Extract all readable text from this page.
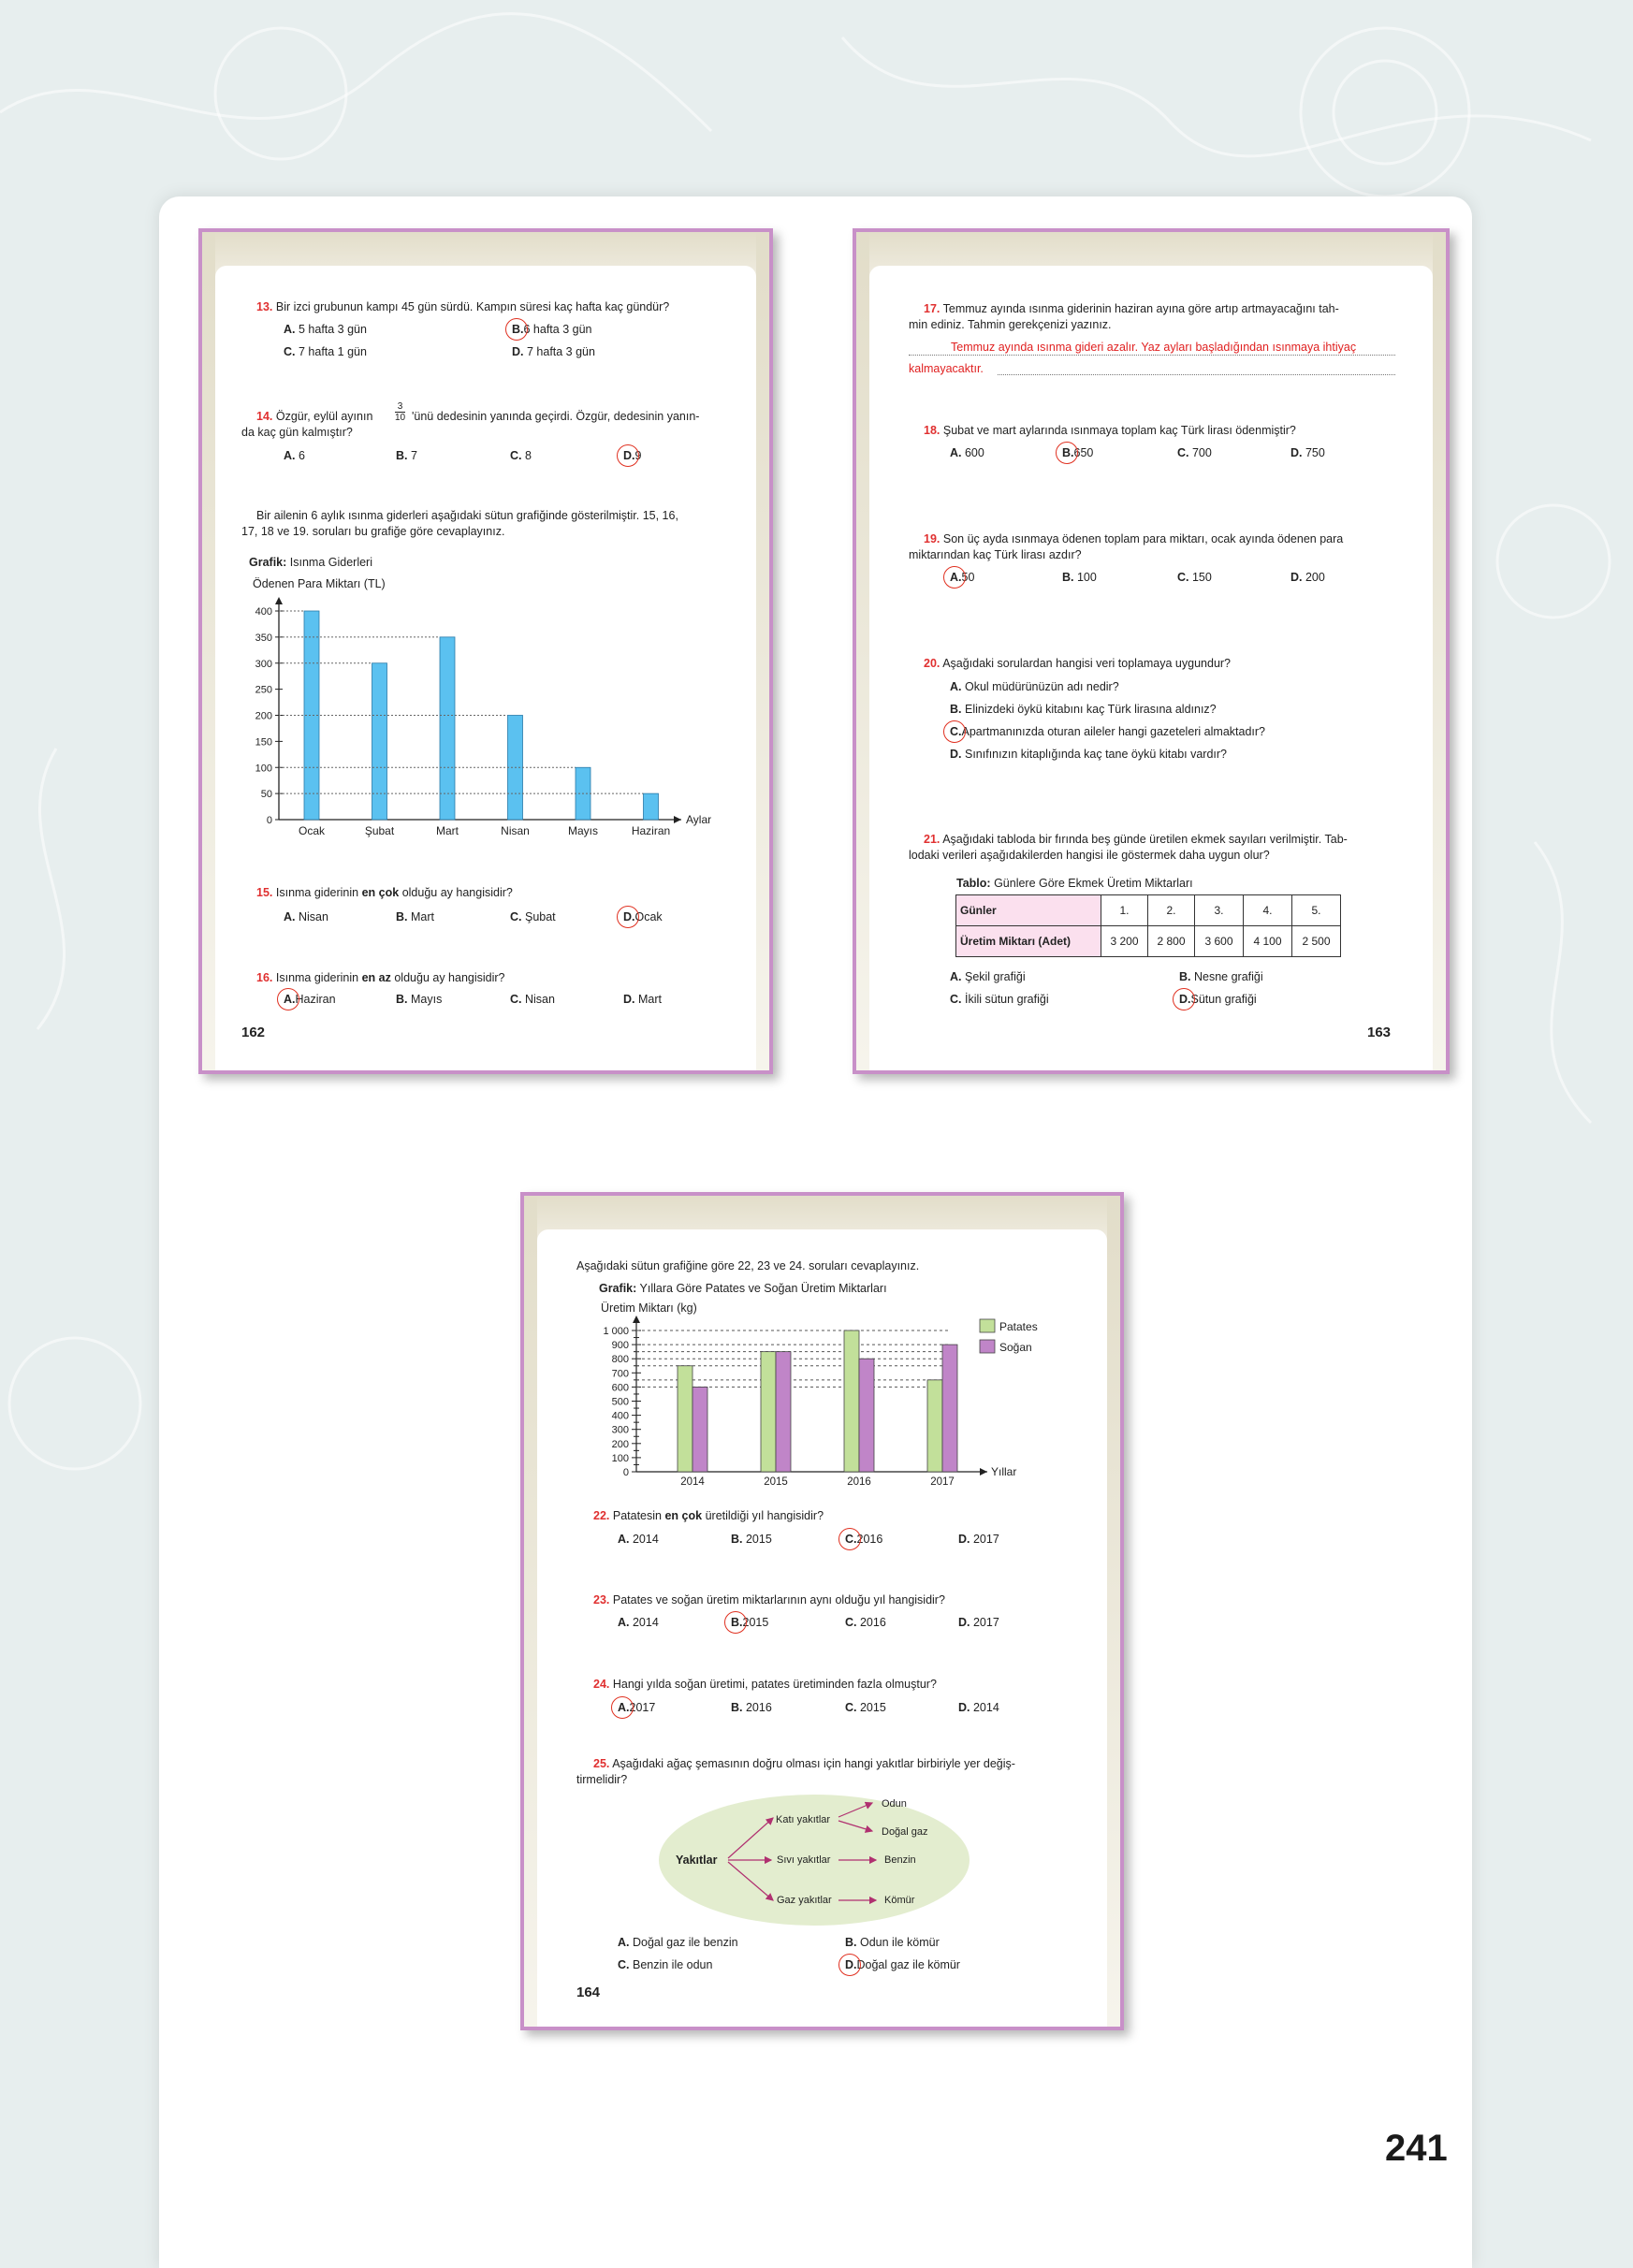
13. Bir izci grubunun kampı 45 gün sürdü. Kampın süresi kaç hafta kaç gündür?
A. 5 hafta 3 gün	B.6 hafta 3 gün
C. 7 hafta 1 gün	D. 7 hafta 3 gün
14. Özgür, eylül ayının
3
10 'ünü dedesinin yanında geçirdi. Özgür, dedesinin yanın-
da kaç gün kalmıştır?
A. 6	B. 7	C. 8	D.9
Bir ailenin 6 aylık ısınma giderleri aşağıdaki sütun grafiğinde gösterilmiştir. 15, 16,
17, 18 ve 19. soruları bu grafiğe göre cevaplayınız.
Grafik: Isınma Giderleri
Ödenen Para Miktarı (TL)
Aylar
0
50
100
150
200
250
300
350
400
Ocak	Şubat	Mart	Nisan	Mayıs	Haziran
15. Isınma giderinin en çok olduğu ay hangisidir?
A. Nisan	B. Mart	C. Şubat	D.Ocak
16. Isınma giderinin en az olduğu ay hangisidir?
A.Haziran	B. Mayıs	C. Nisan	D. Mart
162
17. Temmuz ayında ısınma giderinin haziran ayına göre artıp artmayacağını tah-
min ediniz. Tahmin gerekçenizi yazınız.
Temmuz ayında ısınma gideri azalır. Yaz ayları başladığından ısınmaya ihtiyaç
kalmayacaktır.
18. Şubat ve mart aylarında ısınmaya toplam kaç Türk lirası ödenmiştir?
A. 600	B.650	C. 700	D. 750
19. Son üç ayda ısınmaya ödenen toplam para miktarı, ocak ayında ödenen para
miktarından kaç Türk lirası azdır?
A.50	B. 100	C. 150	D. 200
20. Aşağıdaki sorulardan hangisi veri toplamaya uygundur?
A. Okul müdürünüzün adı nedir?
B. Elinizdeki öykü kitabını kaç Türk lirasına aldınız?
C.Apartmanınızda oturan aileler hangi gazeteleri almaktadır?
D. Sınıfınızın kitaplığında kaç tane öykü kitabı vardır?
21. Aşağıdaki tabloda bir fırında beş günde üretilen ekmek sayıları verilmiştir. Tab-
lodaki verileri aşağıdakilerden hangisi ile göstermek daha uygun olur?
Tablo: Günlere Göre Ekmek Üretim Miktarları
Günler	1.	2.	3.	4.	5.
Üretim Miktarı (Adet)	3 200	2 800	3 600	4 100	2 500
A. Şekil grafiği	B. Nesne grafiği
C. İkili sütun grafiği	D.Sütun grafiği
163
Aşağıdaki sütun grafiğine göre 22, 23 ve 24. soruları cevaplayınız.
Grafik: Yıllara Göre Patates ve Soğan Üretim Miktarları
Üretim Miktarı (kg)
Yıllar
0
100
200
300
400
500
600
700
800
900
1 000
2014	2015	2016	2017
Patates
Soğan
22. Patatesin en çok üretildiği yıl hangisidir?
A. 2014	B. 2015	C.2016	D. 2017
23. Patates ve soğan üretim miktarlarının aynı olduğu yıl hangisidir?
A. 2014	B.2015	C. 2016	D. 2017
24. Hangi yılda soğan üretimi, patates üretiminden fazla olmuştur?
A.2017	B. 2016	C. 2015	D. 2014
25. Aşağıdaki ağaç şemasının doğru olması için hangi yakıtlar birbiriyle yer değiş-
tirmelidir?
Yakıtlar
Katı yakıtlar
Sıvı yakıtlar
Gaz yakıtlar
Odun
Doğal gaz
Benzin
Kömür
A. Doğal gaz ile benzin	B. Odun ile kömür
C. Benzin ile odun	D.Doğal gaz ile kömür
164
241
